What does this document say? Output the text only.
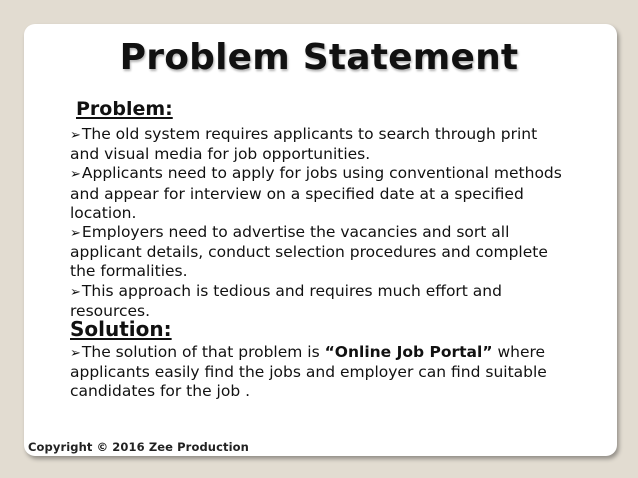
Problem Statement
Problem:

➢The old system requires applicants to search through print and visual media for job opportunities.

➢Applicants need to apply for jobs using conventional methods and appear for interview on a specified date at a specified location.

➢Employers need to advertise the vacancies and sort all applicant details, conduct selection procedures and complete the formalities.

➢This approach is tedious and requires much effort and resources.

Solution:

➢The solution of that problem is “Online Job Portal” where applicants easily find the jobs and employer can find suitable candidates for the job .

Copyright © 2016 Zee Production
